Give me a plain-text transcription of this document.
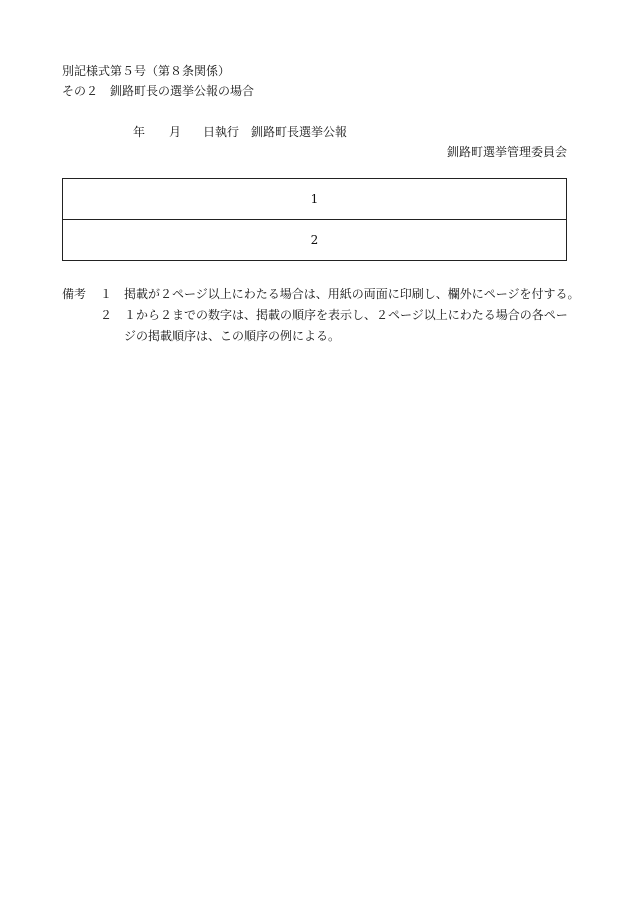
別記様式第５号（第８条関係）
その２　釧路町長の選挙公報の場合
年 月 日執行 釧路町長選挙公報
釧路町選挙管理委員会
1
2
備考 １ 掲載が２ページ以上にわたる場合は、用紙の両面に印刷し、欄外にページを付する。
２ １から２までの数字は、掲載の順序を表示し、２ページ以上にわたる場合の各ページの掲載順序は、この順序の例による。
